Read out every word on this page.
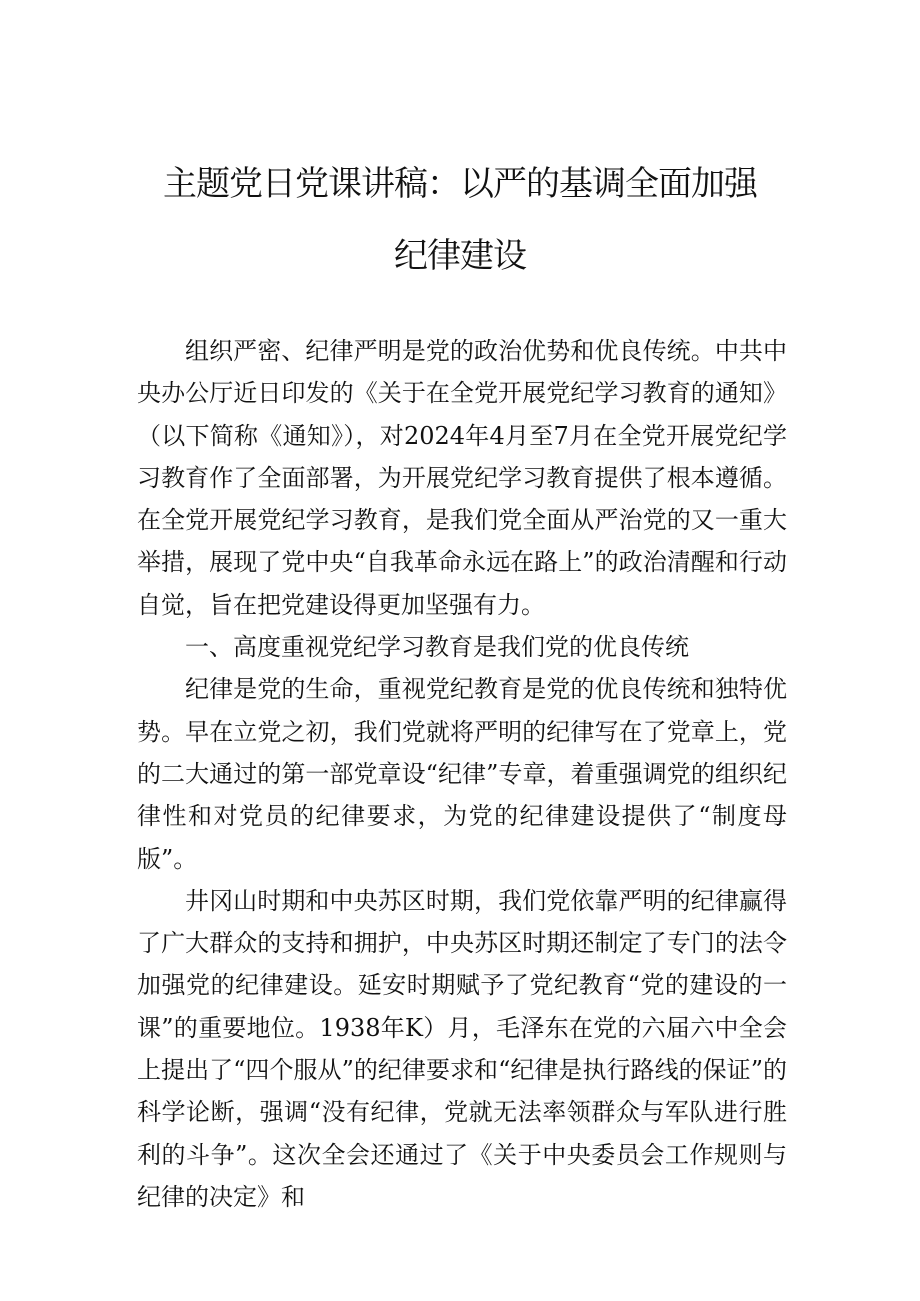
主题党日党课讲稿：以严的基调全面加强
纪律建设

组织严密、纪律严明是党的政治优势和优良传统。中共中央办公厅近日印发的《关于在全党开展党纪学习教育的通知》（以下简称《通知》），对2024年4月至7月在全党开展党纪学习教育作了全面部署，为开展党纪学习教育提供了根本遵循。在全党开展党纪学习教育，是我们党全面从严治党的又一重大举措，展现了党中央“自我革命永远在路上”的政治清醒和行动自觉，旨在把党建设得更加坚强有力。

一、高度重视党纪学习教育是我们党的优良传统

纪律是党的生命，重视党纪教育是党的优良传统和独特优势。早在立党之初，我们党就将严明的纪律写在了党章上，党的二大通过的第一部党章设“纪律”专章，着重强调党的组织纪律性和对党员的纪律要求，为党的纪律建设提供了“制度母版”。

井冈山时期和中央苏区时期，我们党依靠严明的纪律赢得了广大群众的支持和拥护，中央苏区时期还制定了专门的法令加强党的纪律建设。延安时期赋予了党纪教育“党的建设的一课”的重要地位。1938年K）月，毛泽东在党的六届六中全会上提出了“四个服从”的纪律要求和“纪律是执行路线的保证”的科学论断，强调“没有纪律，党就无法率领群众与军队进行胜利的斗争”。这次全会还通过了《关于中央委员会工作规则与纪律的决定》和
